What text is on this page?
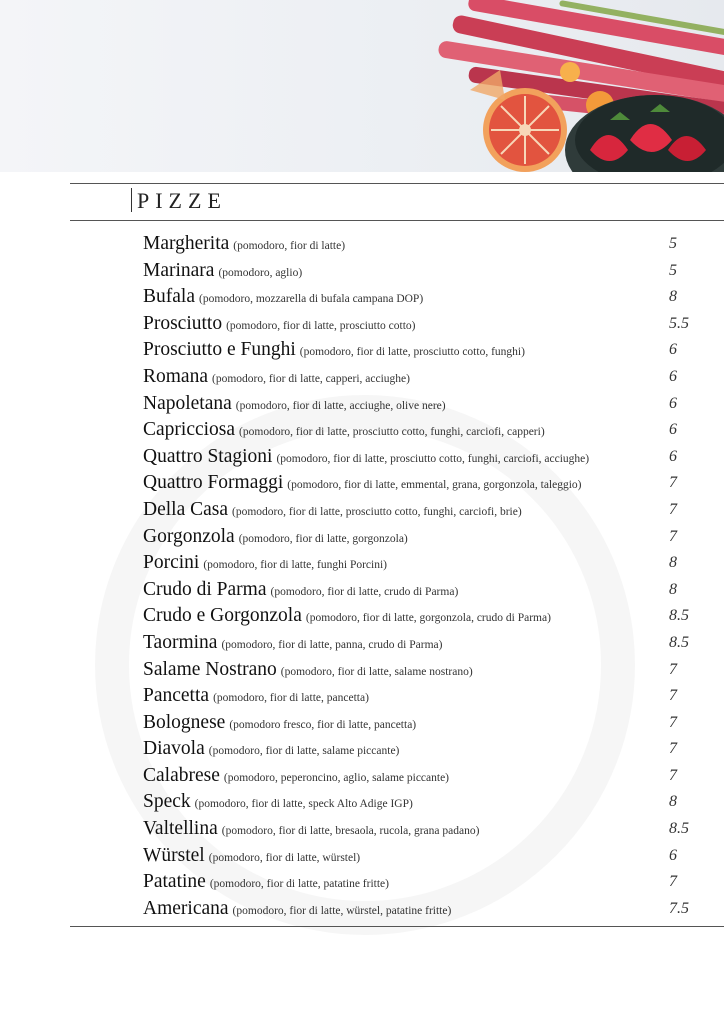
PIZZE
Margherita (pomodoro, fior di latte)	5
Marinara (pomodoro, aglio)	5
Bufala (pomodoro, mozzarella di bufala campana DOP)	8
Prosciutto (pomodoro, fior di latte, prosciutto cotto)	5.5
Prosciutto e Funghi (pomodoro, fior di latte, prosciutto cotto, funghi)	6
Romana (pomodoro, fior di latte, capperi, acciughe)	6
Napoletana (pomodoro, fior di latte, acciughe, olive nere)	6
Capricciosa (pomodoro, fior di latte, prosciutto cotto, funghi, carciofi, capperi)	6
Quattro Stagioni (pomodoro, fior di latte, prosciutto cotto, funghi, carciofi, acciughe)	6
Quattro Formaggi (pomodoro, fior di latte, emmental, grana, gorgonzola, taleggio)	7
Della Casa (pomodoro, fior di latte, prosciutto cotto, funghi, carciofi, brie)	7
Gorgonzola (pomodoro, fior di latte, gorgonzola)	7
Porcini (pomodoro, fior di latte, funghi Porcini)	8
Crudo di Parma (pomodoro, fior di latte, crudo di Parma)	8
Crudo e Gorgonzola (pomodoro, fior di latte, gorgonzola, crudo di Parma)	8.5
Taormina (pomodoro, fior di latte, panna, crudo di Parma)	8.5
Salame Nostrano (pomodoro, fior di latte, salame nostrano)	7
Pancetta (pomodoro, fior di latte, pancetta)	7
Bolognese (pomodoro fresco, fior di latte, pancetta)	7
Diavola (pomodoro, fior di latte, salame piccante)	7
Calabrese (pomodoro, peperoncino, aglio, salame piccante)	7
Speck (pomodoro, fior di latte, speck Alto Adige IGP)	8
Valtellina (pomodoro, fior di latte, bresaola, rucola, grana padano)	8.5
Würstel (pomodoro, fior di latte, würstel)	6
Patatine (pomodoro, fior di latte, patatine fritte)	7
Americana (pomodoro, fior di latte, würstel, patatine fritte)	7.5
